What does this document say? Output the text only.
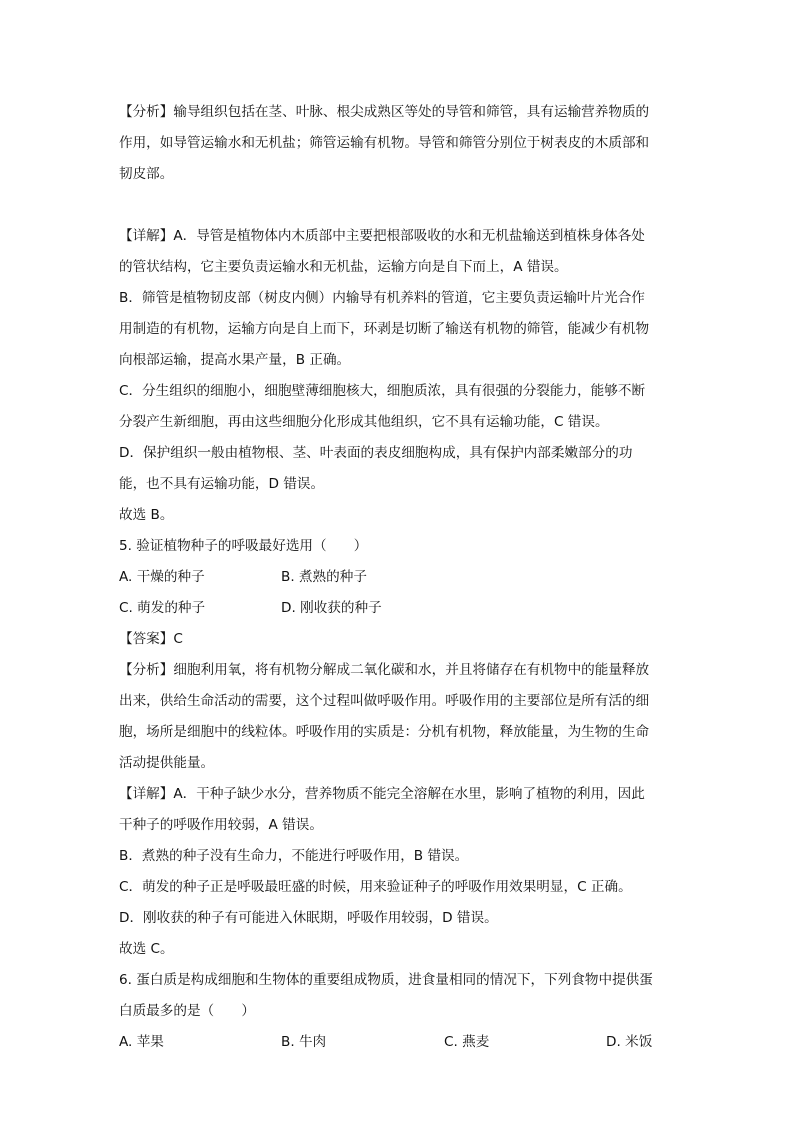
【分析】输导组织包括在茎、叶脉、根尖成熟区等处的导管和筛管，具有运输营养物质的
作用，如导管运输水和无机盐；筛管运输有机物。导管和筛管分别位于树表皮的木质部和
韧皮部。
【详解】A．导管是植物体内木质部中主要把根部吸收的水和无机盐输送到植株身体各处
的管状结构，它主要负责运输水和无机盐，运输方向是自下而上，A 错误。
B．筛管是植物韧皮部（树皮内侧）内输导有机养料的管道，它主要负责运输叶片光合作
用制造的有机物，运输方向是自上而下，环剥是切断了输送有机物的筛管，能减少有机物
向根部运输，提高水果产量，B 正确。
C．分生组织的细胞小，细胞壁薄细胞核大，细胞质浓，具有很强的分裂能力，能够不断
分裂产生新细胞，再由这些细胞分化形成其他组织，它不具有运输功能，C 错误。
D．保护组织一般由植物根、茎、叶表面的表皮细胞构成，具有保护内部柔嫩部分的功
能，也不具有运输功能，D 错误。
故选 B。
5. 验证植物种子的呼吸最好选用（　　）
A. 干燥的种子	B. 煮熟的种子
C. 萌发的种子	D. 刚收获的种子
【答案】C
【分析】细胞利用氧，将有机物分解成二氧化碳和水，并且将储存在有机物中的能量释放
出来，供给生命活动的需要，这个过程叫做呼吸作用。呼吸作用的主要部位是所有活的细
胞，场所是细胞中的线粒体。呼吸作用的实质是：分机有机物，释放能量，为生物的生命
活动提供能量。
【详解】A．干种子缺少水分，营养物质不能完全溶解在水里，影响了植物的利用，因此
干种子的呼吸作用较弱，A 错误。
B．煮熟的种子没有生命力，不能进行呼吸作用，B 错误。
C．萌发的种子正是呼吸最旺盛的时候，用来验证种子的呼吸作用效果明显，C 正确。
D．刚收获的种子有可能进入休眠期，呼吸作用较弱，D 错误。
故选 C。
6. 蛋白质是构成细胞和生物体的重要组成物质，进食量相同的情况下，下列食物中提供蛋
白质最多的是（　　）
A. 苹果	B. 牛肉	C. 燕麦	D. 米饭
